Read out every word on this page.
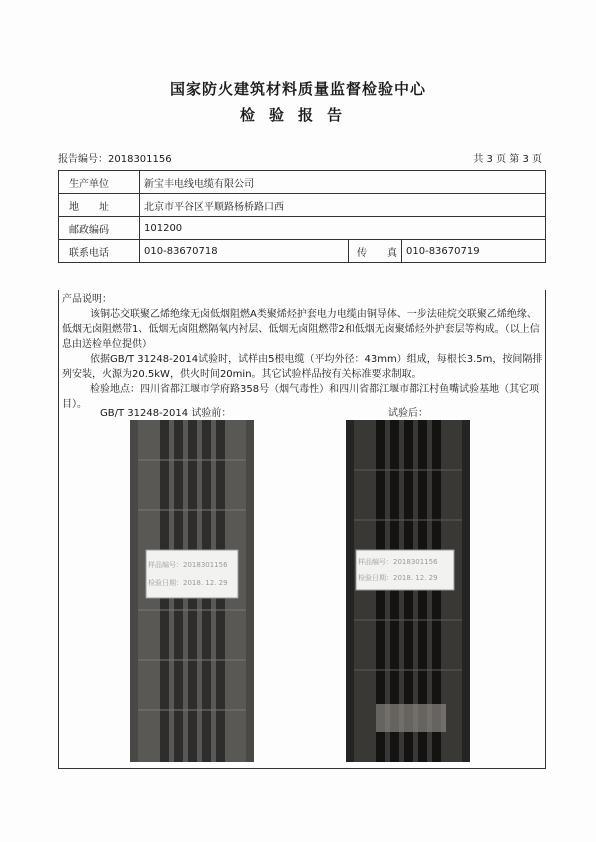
国家防火建筑材料质量监督检验中心
检验报告
报告编号：2018301156	共 3 页 第 3 页
生产单位	新宝丰电线电缆有限公司		
地　　址	北京市平谷区平顺路杨桥路口西		
邮政编码	101200		
联系电话	010-83670718	传　　真	010-83670719

产品说明：

该铜芯交联聚乙烯绝缘无卤低烟阻燃A类聚烯烃护套电力电缆由铜导体、一步法硅烷交联聚乙烯绝缘、低烟无卤阻燃带1、低烟无卤阻燃隔氧内衬层、低烟无卤阻燃带2和低烟无卤聚烯烃外护套层等构成。（以上信息由送检单位提供）

依据GB/T 31248-2014试验时，试样由5根电缆（平均外径：43mm）组成，每根长3.5m，按间隔排列安装，火源为20.5kW，供火时间20min。其它试验样品按有关标准要求制取。

检验地点：四川省都江堰市学府路358号（烟气毒性）和四川省都江堰市都江村鱼嘴试验基地（其它项目）。

GB/T 31248-2014 试验前：	试验后：
样品编号：2018301156
检验日期：2018. 12. 29
样品编号：2018301156
检验日期：2018. 12. 29
